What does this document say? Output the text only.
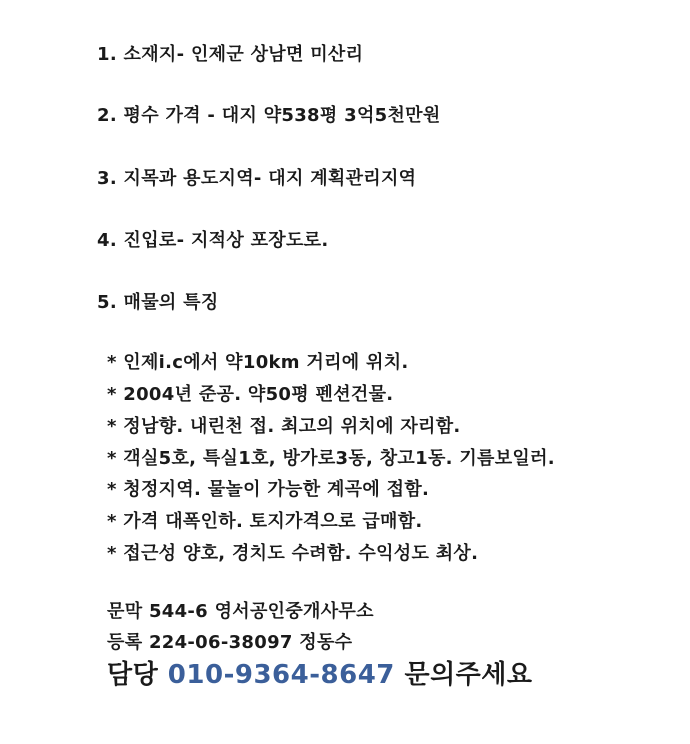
1. 소재지- 인제군 상남면 미산리
2. 평수 가격 - 대지 약538평 3억5천만원
3. 지목과 용도지역- 대지 계획관리지역
4. 진입로- 지적상 포장도로.
5. 매물의 특징
* 인제i.c에서 약10km 거리에 위치.
* 2004년 준공. 약50평 펜션건물.
* 정남향. 내린천 접. 최고의 위치에 자리함.
* 객실5호, 특실1호, 방가로3동, 창고1동. 기름보일러.
* 청정지역. 물놀이 가능한 계곡에 접함.
* 가격 대폭인하. 토지가격으로 급매함.
* 접근성 양호, 경치도 수려함. 수익성도 최상.
문막 544-6 영서공인중개사무소
등록 224-06-38097 정동수
담당 010-9364-8647 문의주세요
